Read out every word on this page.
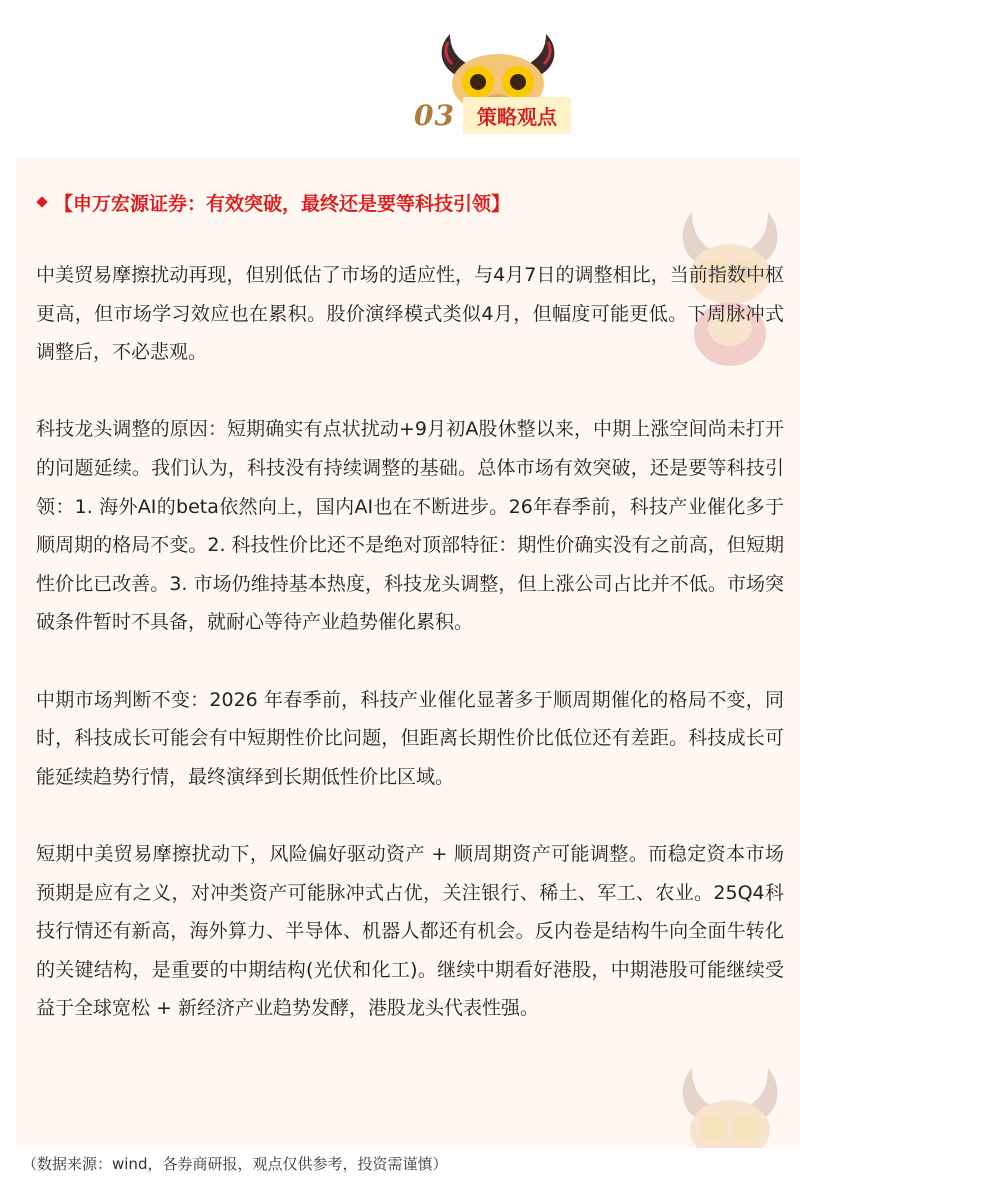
03	策略观点
【申万宏源证券：有效突破，最终还是要等科技引领】

中美贸易摩擦扰动再现，但别低估了市场的适应性，与4月7日的调整相比，当前指数中枢更高，但市场学习效应也在累积。股价演绎模式类似4月，但幅度可能更低。下周脉冲式调整后，不必悲观。

科技龙头调整的原因：短期确实有点状扰动+9月初A股休整以来，中期上涨空间尚未打开的问题延续。我们认为，科技没有持续调整的基础。总体市场有效突破，还是要等科技引领：1. 海外AI的beta依然向上，国内AI也在不断进步。26年春季前，科技产业催化多于顺周期的格局不变。2. 科技性价比还不是绝对顶部特征：期性价确实没有之前高，但短期性价比已改善。3. 市场仍维持基本热度，科技龙头调整，但上涨公司占比并不低。市场突破条件暂时不具备，就耐心等待产业趋势催化累积。

中期市场判断不变：2026 年春季前，科技产业催化显著多于顺周期催化的格局不变，同时，科技成长可能会有中短期性价比问题，但距离长期性价比低位还有差距。科技成长可能延续趋势行情，最终演绎到长期低性价比区域。

短期中美贸易摩擦扰动下，风险偏好驱动资产 + 顺周期资产可能调整。而稳定资本市场预期是应有之义，对冲类资产可能脉冲式占优，关注银行、稀土、军工、农业。25Q4科技行情还有新高，海外算力、半导体、机器人都还有机会。反内卷是结构牛向全面牛转化的关键结构，是重要的中期结构(光伏和化工)。继续中期看好港股，中期港股可能继续受益于全球宽松 + 新经济产业趋势发酵，港股龙头代表性强。

（数据来源：wind，各券商研报，观点仅供参考，投资需谨慎）
